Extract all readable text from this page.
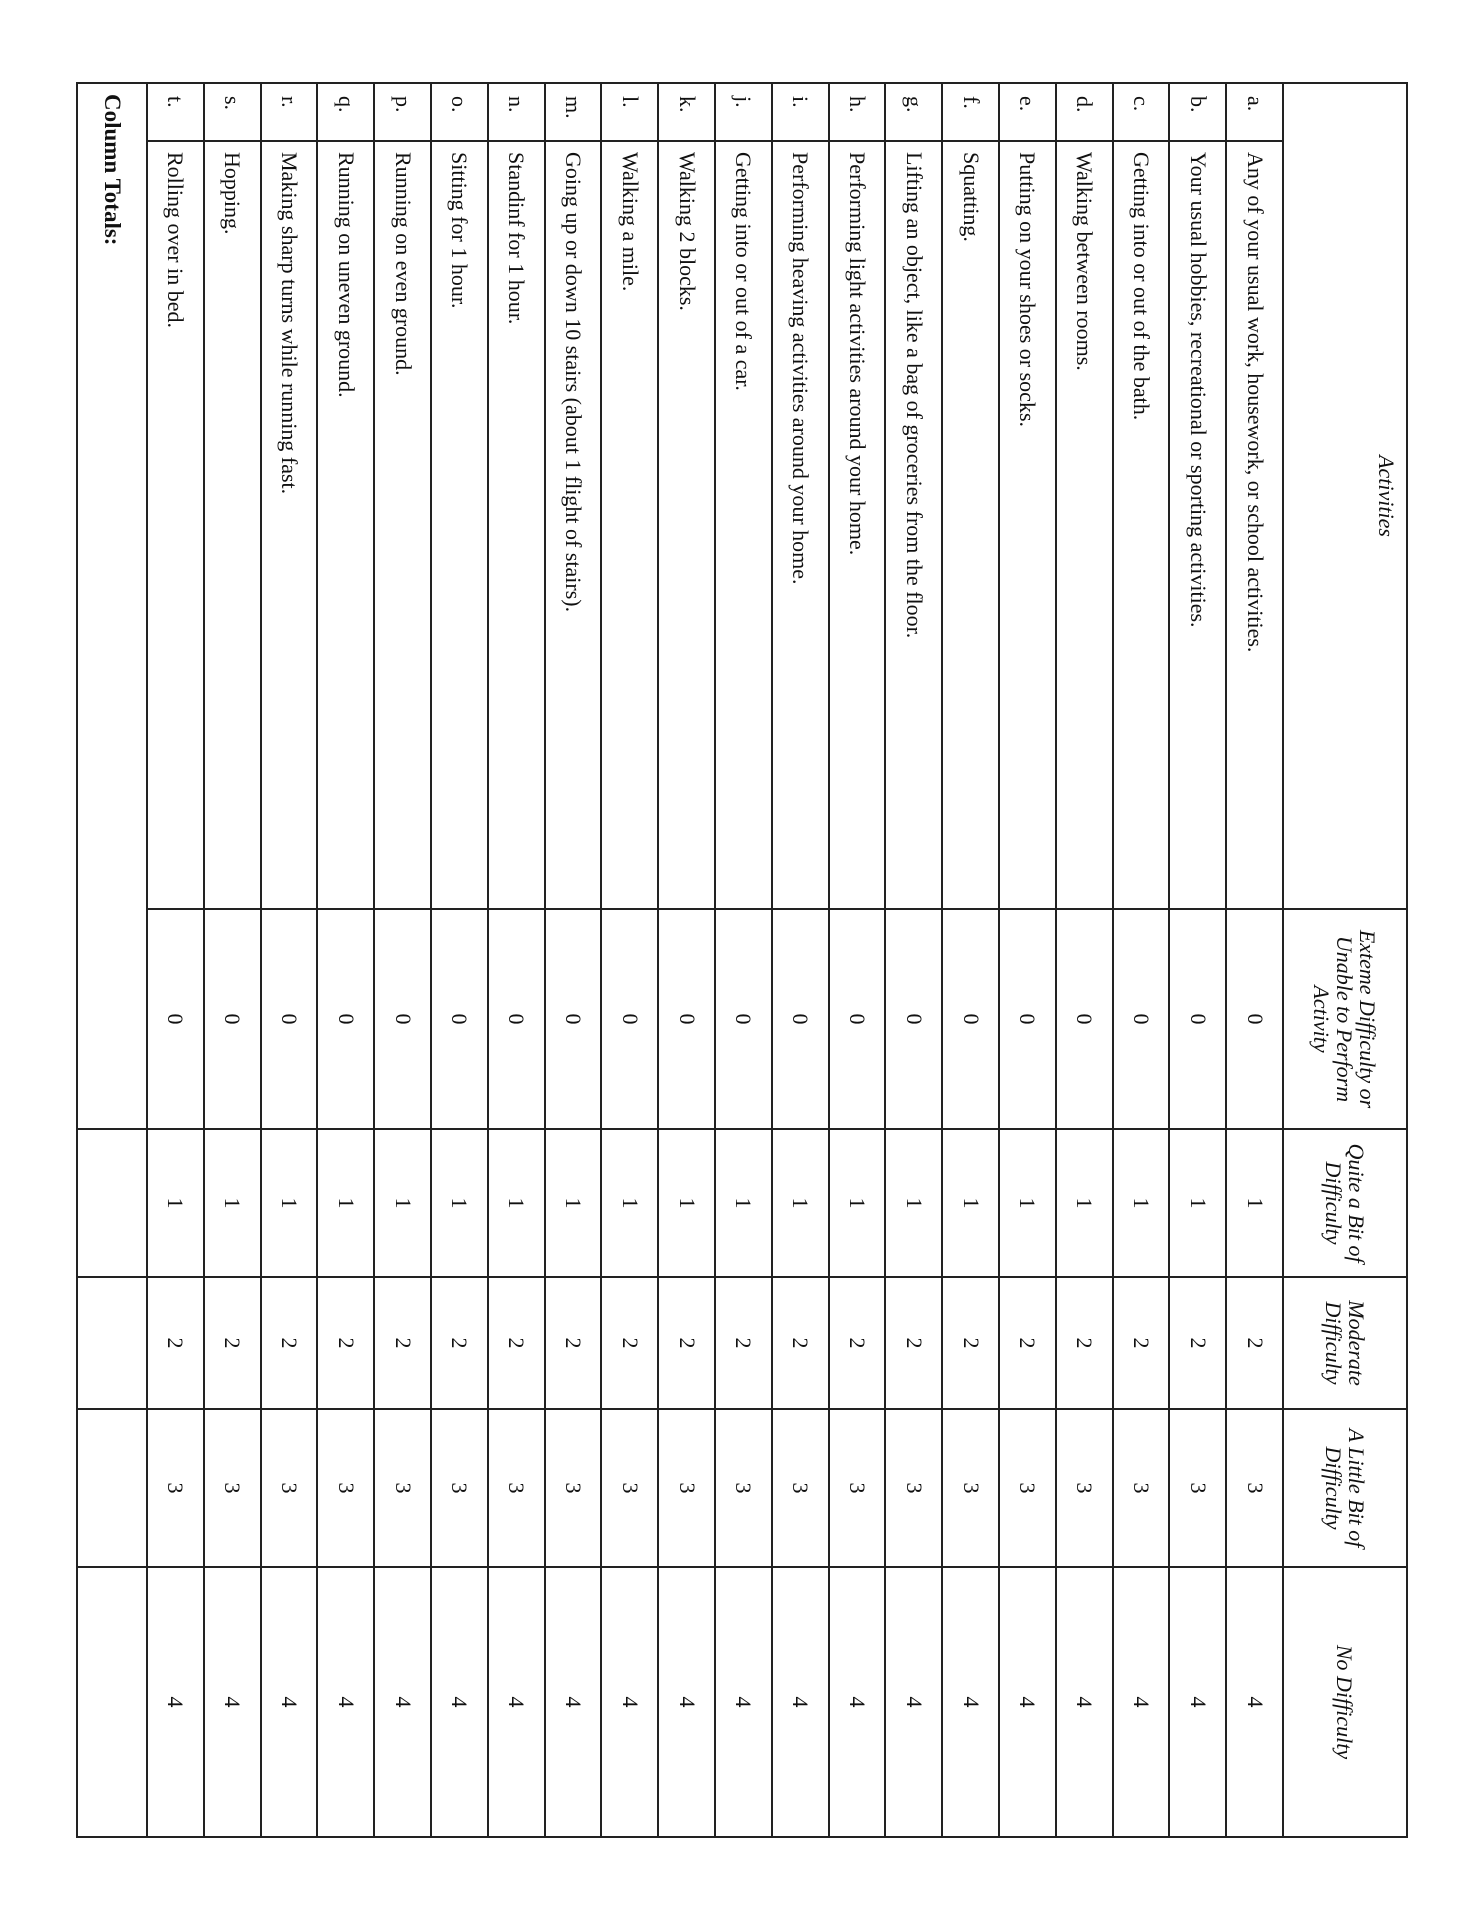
Activities		Exteme Difficulty or Unable to Perform Activity	Quite a Bit of Difficulty	Moderate Difficulty	A Little Bit of Difficulty	No Difficulty
a.	Any of your usual work, housework, or school activities.	0	1	2	3	4
b.	Your usual hobbies, recreational or sporting activities.	0	1	2	3	4
c.	Getting into or out of the bath.	0	1	2	3	4
d.	Walking between rooms.	0	1	2	3	4
e.	Putting on your shoes or socks.	0	1	2	3	4
f.	Squatting.	0	1	2	3	4
g.	Lifting an object, like a bag of groceries from the floor.	0	1	2	3	4
h.	Performing light activities around your home.	0	1	2	3	4
i.	Performing heaving activities around your home.	0	1	2	3	4
j.	Getting into or out of a car.	0	1	2	3	4
k.	Walking 2 blocks.	0	1	2	3	4
l.	Walking a mile.	0	1	2	3	4
m.	Going up or down 10 stairs (about 1 flight of stairs).	0	1	2	3	4
n.	Standinf for 1 hour.	0	1	2	3	4
o.	Sitting for 1 hour.	0	1	2	3	4
p.	Running on even ground.	0	1	2	3	4
q.	Running on uneven ground.	0	1	2	3	4
r.	Making sharp turns while running fast.	0	1	2	3	4
s.	Hopping.	0	1	2	3	4
t.	Rolling over in bed.	0	1	2	3	4
Column Totals:						
